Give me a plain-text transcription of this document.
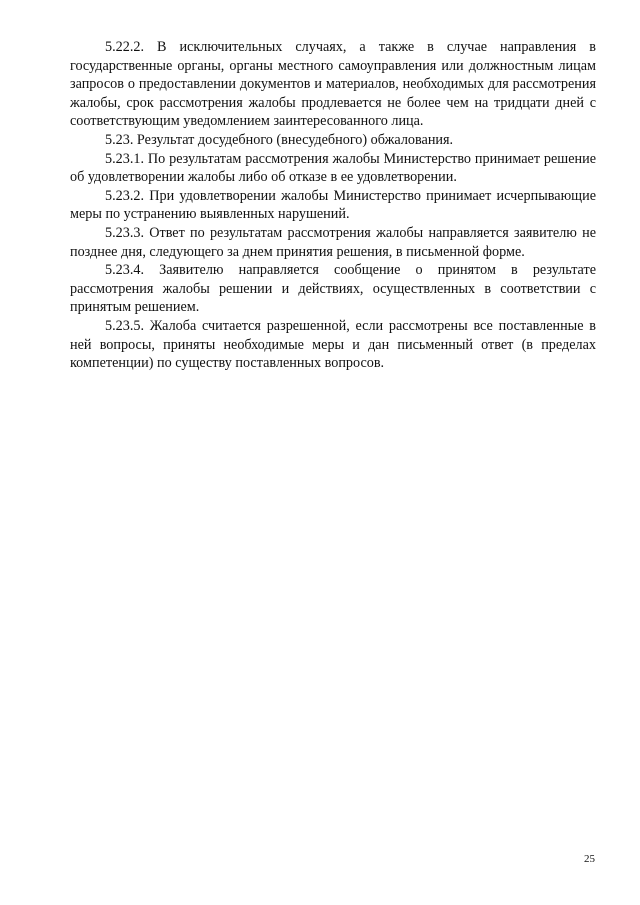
5.22.2. В исключительных случаях, а также в случае направления в государственные органы, органы местного самоуправления или должностным лицам запросов о предоставлении документов и материалов, необходимых для рассмотрения жалобы, срок рассмотрения жалобы продлевается не более чем на тридцати дней с соответствующим уведомлением заинтересованного лица.

5.23. Результат досудебного (внесудебного) обжалования.

5.23.1. По результатам рассмотрения жалобы Министерство принимает решение об удовлетворении жалобы либо об отказе в ее удовлетворении.

5.23.2. При удовлетворении жалобы Министерство принимает исчерпывающие меры по устранению выявленных нарушений.

5.23.3. Ответ по результатам рассмотрения жалобы направляется заявителю не позднее дня, следующего за днем принятия решения, в письменной форме.

5.23.4. Заявителю направляется сообщение о принятом в результате рассмотрения жалобы решении и действиях, осуществленных в соответствии с принятым решением.

5.23.5. Жалоба считается разрешенной, если рассмотрены все поставленные в ней вопросы, приняты необходимые меры и дан письменный ответ (в пределах компетенции) по существу поставленных вопросов.

25
